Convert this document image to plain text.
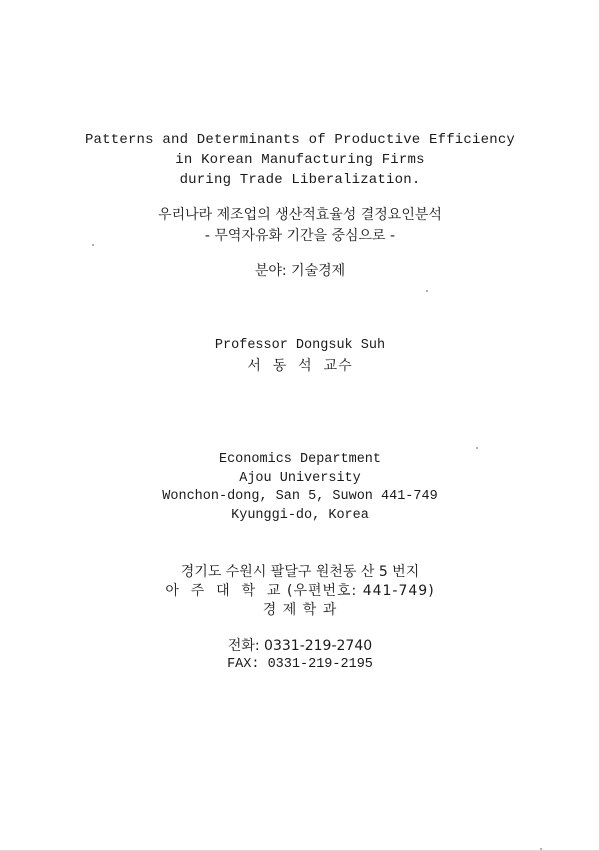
Patterns and Determinants of Productive Efficiency
in Korean Manufacturing Firms
during Trade Liberalization.
우리나라 제조업의 생산적효율성 결정요인분석
- 무역자유화 기간을 중심으로 -
분야: 기술경제
Professor Dongsuk Suh
서  동  석  교수
Economics Department
Ajou University
Wonchon-dong, San 5, Suwon 441-749
Kyunggi-do, Korea
경기도 수원시 팔달구 원천동 산 5 번지
아  주  대  학  교 (우편번호: 441-749)
경 제 학 과
전화: 0331-219-2740
FAX: 0331-219-2195
